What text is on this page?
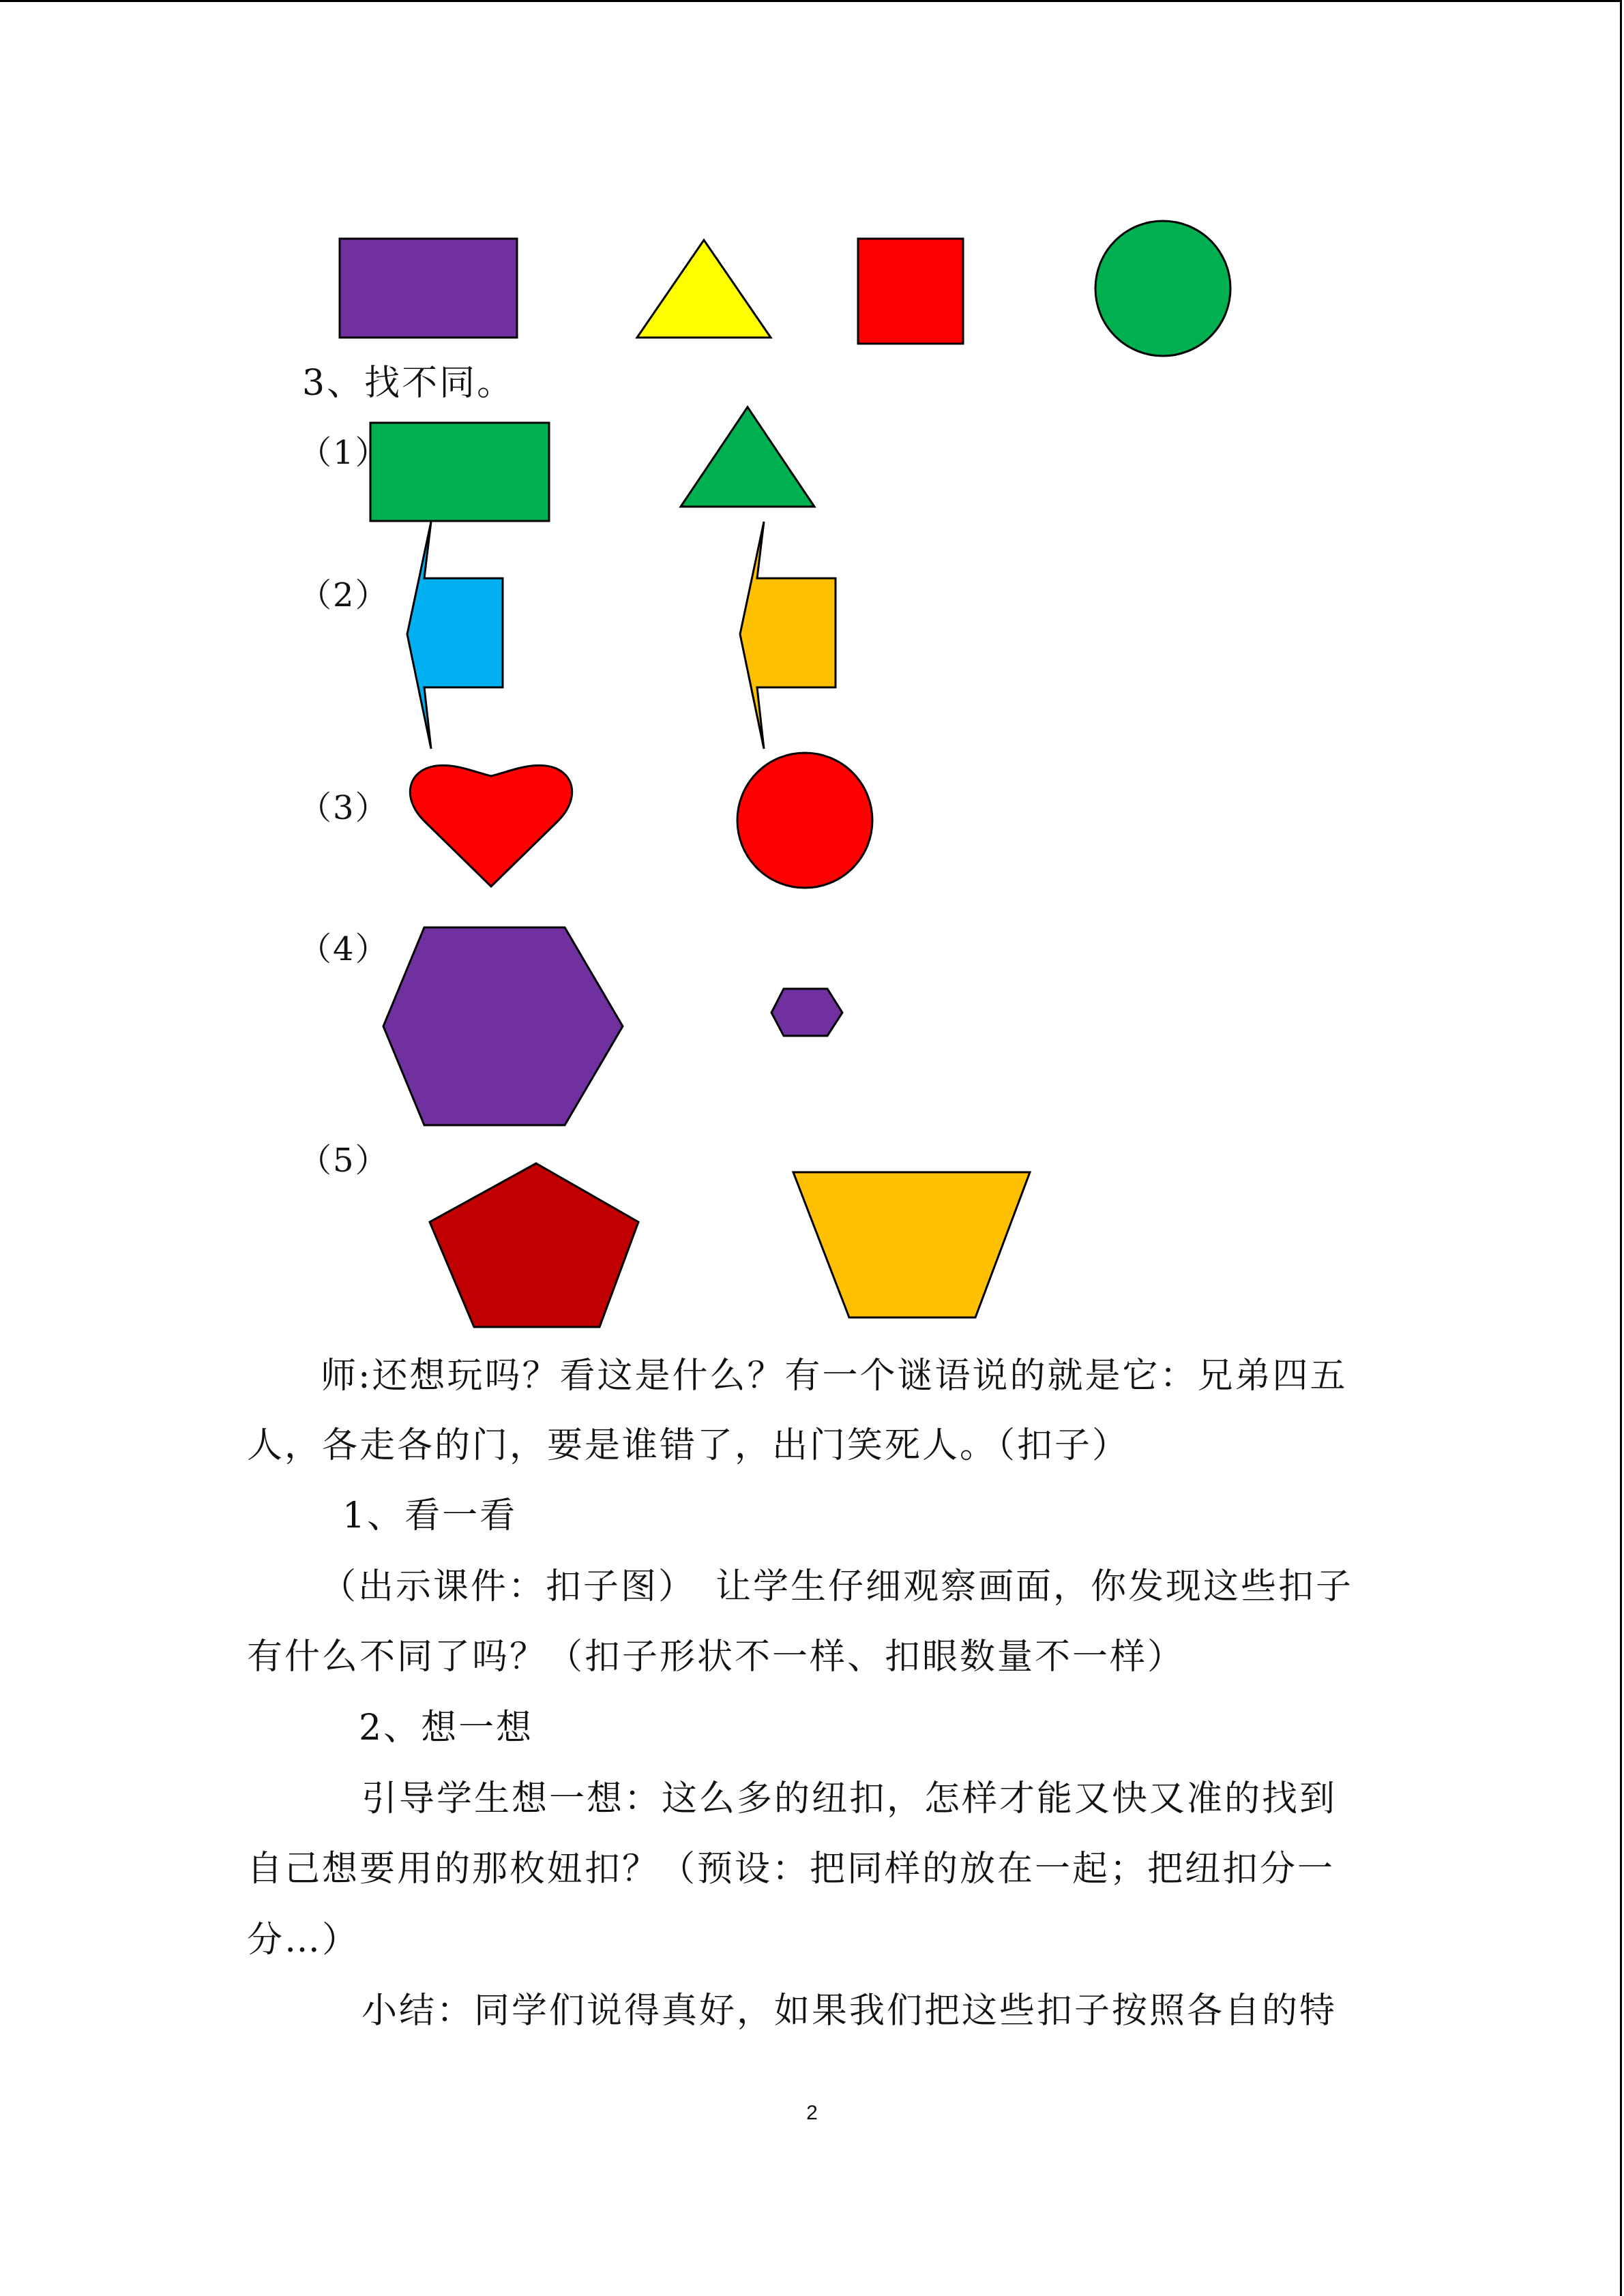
3、找不同。
（1）
（2）
（3）
（4）
（5）
师:还想玩吗？看这是什么？有一个谜语说的就是它：兄弟四五
人，各走各的门，要是谁错了，出门笑死人。（扣子）
1、看一看
（出示课件：扣子图）　让学生仔细观察画面，你发现这些扣子
有什么不同了吗？（扣子形状不一样、扣眼数量不一样）
2、想一想
引导学生想一想：这么多的纽扣，怎样才能又快又准的找到
自己想要用的那枚妞扣？（预设：把同样的放在一起；把纽扣分一
分…）
小结：同学们说得真好，如果我们把这些扣子按照各自的特
2
